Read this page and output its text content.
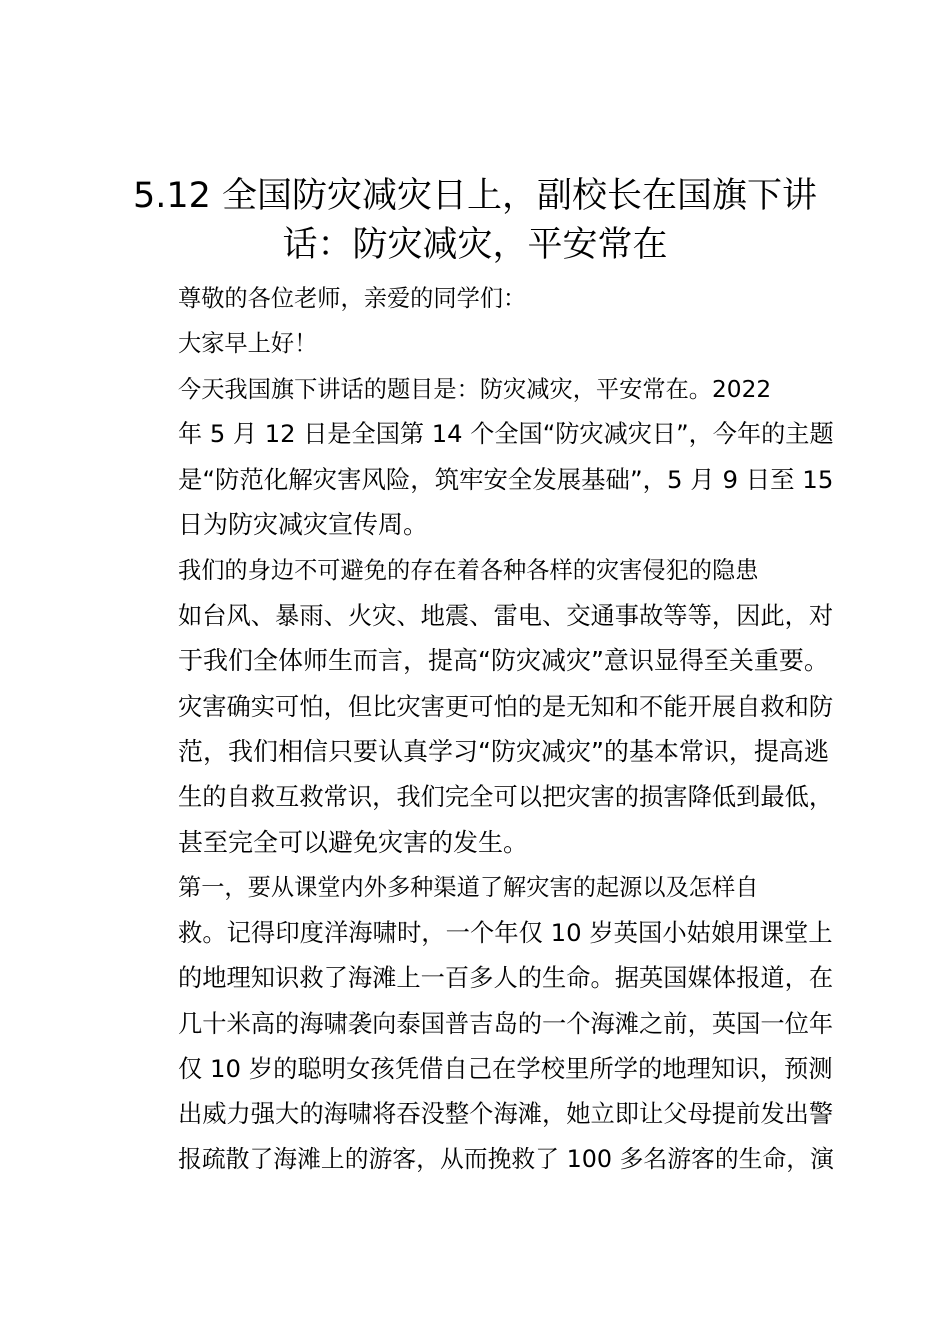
5.12 全国防灾减灾日上，副校长在国旗下讲
话：防灾减灾，平安常在

尊敬的各位老师，亲爱的同学们：

大家早上好！

今天我国旗下讲话的题目是：防灾减灾，平安常在。2022
年 5 月 12 日是全国第 14 个全国“防灾减灾日”，今年的主题
是“防范化解灾害风险，筑牢安全发展基础”，5 月 9 日至 15
日为防灾减灾宣传周。

我们的身边不可避免的存在着各种各样的灾害侵犯的隐患
如台风、暴雨、火灾、地震、雷电、交通事故等等，因此，对
于我们全体师生而言，提高“防灾减灾”意识显得至关重要。
灾害确实可怕，但比灾害更可怕的是无知和不能开展自救和防
范，我们相信只要认真学习“防灾减灾”的基本常识，提高逃
生的自救互救常识，我们完全可以把灾害的损害降低到最低，
甚至完全可以避免灾害的发生。

第一，要从课堂内外多种渠道了解灾害的起源以及怎样自
救。记得印度洋海啸时，一个年仅 10 岁英国小姑娘用课堂上
的地理知识救了海滩上一百多人的生命。据英国媒体报道，在
几十米高的海啸袭向泰国普吉岛的一个海滩之前，英国一位年
仅 10 岁的聪明女孩凭借自己在学校里所学的地理知识，预测
出威力强大的海啸将吞没整个海滩，她立即让父母提前发出警
报疏散了海滩上的游客，从而挽救了 100 多名游客的生命，演
